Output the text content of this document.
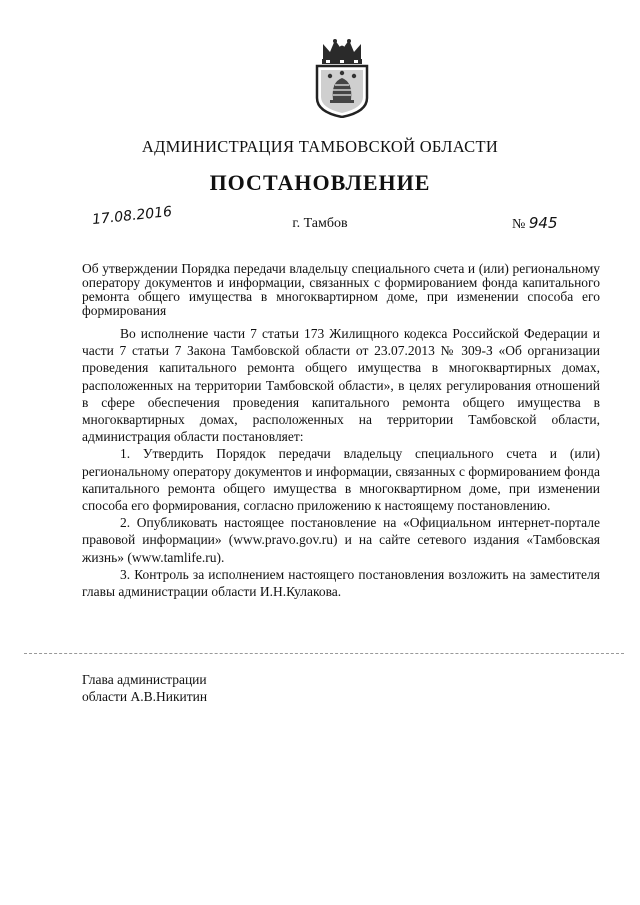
АДМИНИСТРАЦИЯ ТАМБОВСКОЙ ОБЛАСТИ
ПОСТАНОВЛЕНИЕ
17.08.2016	г. Тамбов	№ 945
Об утверждении Порядка передачи владельцу специального счета и (или) региональному оператору документов и информации, связанных с формированием фонда капитального ремонта общего имущества в многоквартирном доме, при изменении способа его формирования

Во исполнение части 7 статьи 173 Жилищного кодекса Российской Федерации и части 7 статьи 7 Закона Тамбовской области от 23.07.2013 № 309-З «Об организации проведения капитального ремонта общего имущества в многоквартирных домах, расположенных на территории Тамбовской области», в целях регулирования отношений в сфере обеспечения проведения капитального ремонта общего имущества в многоквартирных домах, расположенных на территории Тамбовской области, администрация области постановляет:

1. Утвердить Порядок передачи владельцу специального счета и (или) региональному оператору документов и информации, связанных с формированием фонда капитального ремонта общего имущества в многоквартирном доме, при изменении способа его формирования, согласно приложению к настоящему постановлению.

2. Опубликовать настоящее постановление на «Официальном интернет-портале правовой информации» (www.pravo.gov.ru) и на сайте сетевого издания «Тамбовская жизнь» (www.tamlife.ru).

3. Контроль за исполнением настоящего постановления возложить на заместителя главы администрации области И.Н.Кулакова.

Глава администрации
области А.В.Никитин
